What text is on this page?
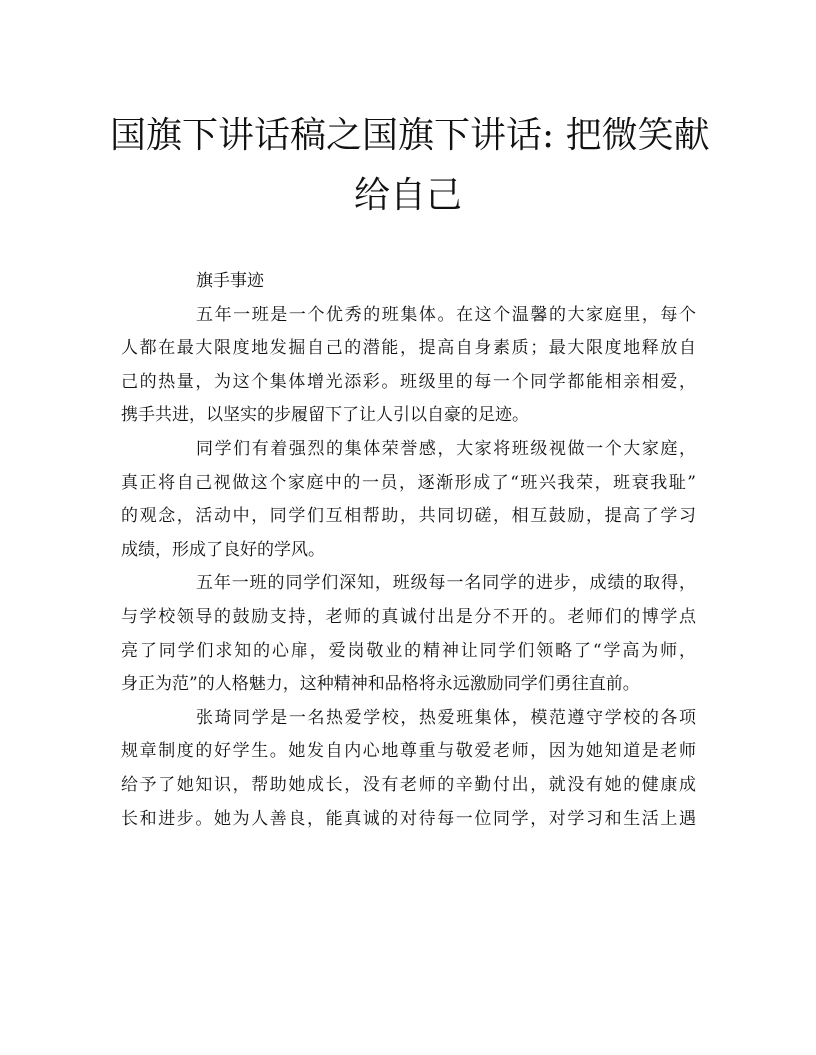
国旗下讲话稿之国旗下讲话: 把微笑献
给自己
旗手事迹
五年一班是一个优秀的班集体。在这个温馨的大家庭里，每个
人都在最大限度地发掘自己的潜能，提高自身素质；最大限度地释放自
己的热量，为这个集体增光添彩。班级里的每一个同学都能相亲相爱，
携手共进，以坚实的步履留下了让人引以自豪的足迹。
同学们有着强烈的集体荣誉感，大家将班级视做一个大家庭，
真正将自己视做这个家庭中的一员，逐渐形成了“班兴我荣，班衰我耻”
的观念，活动中，同学们互相帮助，共同切磋，相互鼓励，提高了学习
成绩，形成了良好的学风。
五年一班的同学们深知，班级每一名同学的进步，成绩的取得，
与学校领导的鼓励支持，老师的真诚付出是分不开的。老师们的博学点
亮了同学们求知的心扉，爱岗敬业的精神让同学们领略了“学高为师，
身正为范”的人格魅力，这种精神和品格将永远激励同学们勇往直前。
张琦同学是一名热爱学校，热爱班集体，模范遵守学校的各项
规章制度的好学生。她发自内心地尊重与敬爱老师，因为她知道是老师
给予了她知识，帮助她成长，没有老师的辛勤付出，就没有她的健康成
长和进步。她为人善良，能真诚的对待每一位同学，对学习和生活上遇
